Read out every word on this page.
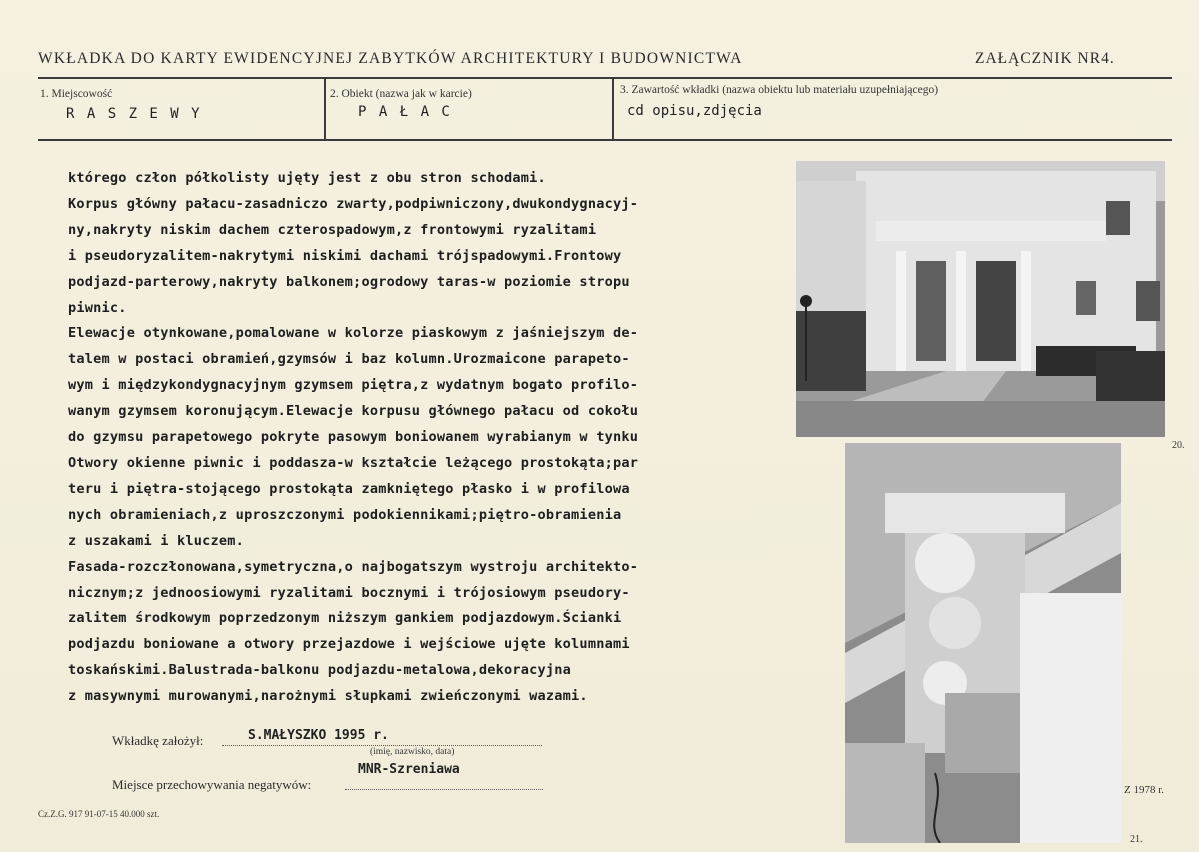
WKŁADKA DO KARTY EWIDENCYJNEJ ZABYTKÓW ARCHITEKTURY I BUDOWNICTWA	ZAŁĄCZNIK NR4.
1. Miejscowość
R A S Z E W Y
2. Obiekt (nazwa jak w karcie)
P A Ł A C
3. Zawartość wkładki (nazwa obiektu lub materiału uzupełniającego)
cd opisu,zdjęcia
którego człon półkolisty ujęty jest z obu stron schodami.
Korpus główny pałacu-zasadniczo zwarty,podpiwniczony,dwukondygnacyj-
ny,nakryty niskim dachem czterospadowym,z frontowymi ryzalitami
i pseudoryzalitem-nakrytymi niskimi dachami trójspadowymi.Frontowy
podjazd-parterowy,nakryty balkonem;ogrodowy taras-w poziomie stropu
piwnic.
Elewacje otynkowane,pomalowane w kolorze piaskowym z jaśniejszym de-
talem w postaci obramień,gzymsów i baz kolumn.Urozmaicone parapeto-
wym i międzykondygnacyjnym gzymsem piętra,z wydatnym bogato profilo-
wanym gzymsem koronującym.Elewacje korpusu głównego pałacu od cokołu
do gzymsu parapetowego pokryte pasowym boniowanem wyrabianym w tynku
Otwory okienne piwnic i poddasza-w kształcie leżącego prostokąta;par
teru i piętra-stojącego prostokąta zamkniętego płasko i w profilowa
nych obramieniach,z uproszczonymi podokiennikami;piętro-obramienia
z uszakami i kluczem.
Fasada-rozczłonowana,symetryczna,o najbogatszym wystroju architekto-
nicznym;z jednoosiowymi ryzalitami bocznymi i trójosiowym pseudory-
zalitem środkowym poprzedzonym niższym gankiem podjazdowym.Ścianki
podjazdu boniowane a otwory przejazdowe i wejściowe ujęte kolumnami
toskańskimi.Balustrada-balkonu podjazdu-metalowa,dekoracyjna
z masywnymi murowanymi,narożnymi słupkami zwieńczonymi wazami.
20.
Z 1978 r.
21.
Wkładkę założył:	S.MAŁYSZKO 1995 r.
(imię, nazwisko, data)
Miejsce przechowywania negatywów:
MNR-Szreniawa
Cz.Z.G. 917 91-07-15 40.000 szt.
